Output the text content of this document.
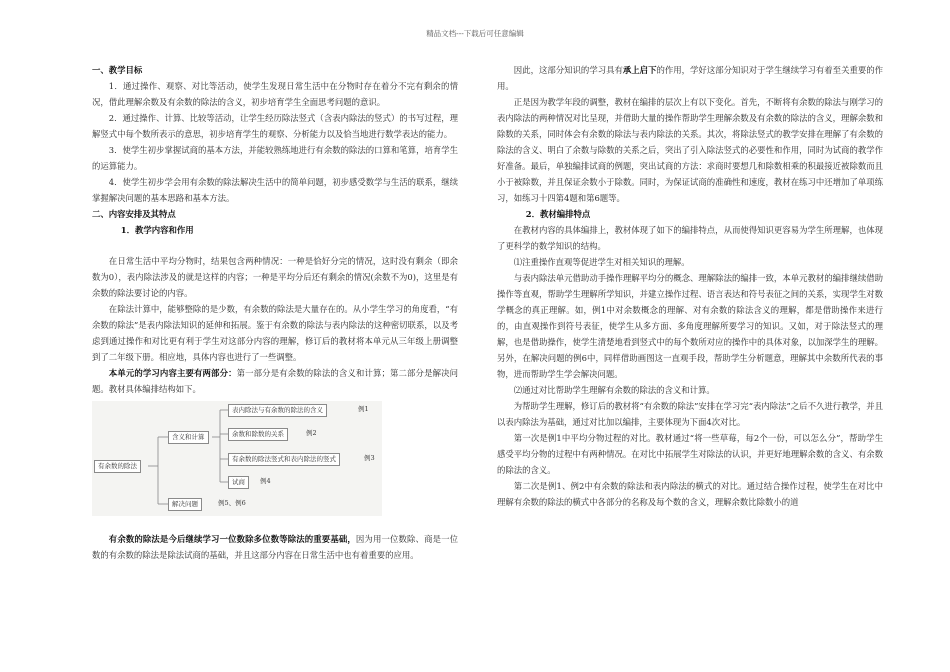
精品文档---下载后可任意编辑

一、教学目标

1．通过操作、观察、对比等活动，使学生发现日常生活中在分物时存在着分不完有剩余的情况，借此理解余数及有余数的除法的含义，初步培育学生全面思考问题的意识。

2．通过操作、计算、比较等活动，让学生经历除法竖式（含表内除法的竖式）的书写过程，理解竖式中每个数所表示的意思，初步培育学生的观察、分析能力以及恰当地进行数学表达的能力。

3．使学生初步掌握试商的基本方法，并能较熟练地进行有余数的除法的口算和笔算，培育学生的运算能力。

4．使学生初步学会用有余数的除法解决生活中的简单问题，初步感受数学与生活的联系，继续掌握解决问题的基本思路和基本方法。

二、内容安排及其特点

1．教学内容和作用

在日常生活中平均分物时，结果包含两种情况：一种是恰好分完的情况，这时没有剩余（即余数为0），表内除法涉及的就是这样的内容；一种是平均分后还有剩余的情况(余数不为0)，这里是有余数的除法要讨论的内容。

在除法计算中，能够整除的是少数，有余数的除法是大量存在的。从小学生学习的角度看，“有余数的除法”是表内除法知识的延伸和拓展。鉴于有余数的除法与表内除法的这种密切联系，以及考虑到通过操作和对比更有利于学生对这部分内容的理解，修订后的教材将本单元从三年级上册调整到了二年级下册。相应地，具体内容也进行了一些调整。

本单元的学习内容主要有两部分：第一部分是有余数的除法的含义和计算；第二部分是解决问题。教材具体编排结构如下。

有余数的除法
含义和计算
解决问题	例5、例6
表内除法与有余数的除法的含义	例1
余数和除数的关系	例2
有余数的除法竖式和表内除法的竖式	例3
试商	例4

有余数的除法是今后继续学习一位数除多位数等除法的重要基础，因为用一位数除、商是一位数的有余数的除法是除法试商的基础，并且这部分内容在日常生活中也有着重要的应用。

因此，这部分知识的学习具有承上启下的作用，学好这部分知识对于学生继续学习有着至关重要的作用。

正是因为教学年段的调整，教材在编排的层次上有以下变化。首先，不断将有余数的除法与刚学习的表内除法的两种情况对比呈现，并借助大量的操作帮助学生理解余数及有余数的除法的含义，理解余数和除数的关系，同时体会有余数的除法与表内除法的关系。其次，将除法竖式的教学安排在理解了有余数的除法的含义、明白了余数与除数的关系之后，突出了引入除法竖式的必要性和作用，同时为试商的教学作好准备。最后，单独编排试商的例题，突出试商的方法：求商时要想几和除数相乘的积最接近被除数而且小于被除数，并且保证余数小于除数。同时，为保证试商的准确性和速度，教材在练习中还增加了单项练习，如练习十四第4题和第6题等。

2．教材编排特点

在教材内容的具体编排上，教材体现了如下的编排特点，从而使得知识更容易为学生所理解，也体现了更科学的数学知识的结构。

⑴注重操作直观等促进学生对相关知识的理解。

与表内除法单元借助动手操作理解平均分的概念、理解除法的编排一致，本单元教材的编排继续借助操作等直观，帮助学生理解所学知识，并建立操作过程、语言表达和符号表征之间的关系，实现学生对数学概念的真正理解。如，例1中对余数概念的理解、对有余数的除法含义的理解，都是借助操作来进行的，由直观操作到符号表征，使学生从多方面、多角度理解所要学习的知识。又如，对于除法竖式的理解，也是借助操作，使学生清楚地看到竖式中的每个数所对应的操作中的具体对象，以加深学生的理解。另外，在解决问题的例6中，同样借助画图这一直观手段，帮助学生分析题意，理解其中余数所代表的事物，进而帮助学生学会解决问题。

⑵通过对比帮助学生理解有余数的除法的含义和计算。

为帮助学生理解，修订后的教材将“有余数的除法”安排在学习完“表内除法”之后不久进行教学，并且以表内除法为基础，通过对比加以编排，主要体现为下面4次对比。

第一次是例1中平均分物过程的对比。教材通过“将一些草莓，每2个一份，可以怎么分”，帮助学生感受平均分物的过程中有两种情况。在对比中拓展学生对除法的认识，并更好地理解余数的含义、有余数的除法的含义。

第二次是例1、例2中有余数的除法和表内除法的横式的对比。通过结合操作过程，使学生在对比中理解有余数的除法的横式中各部分的名称及每个数的含义，理解余数比除数小的道
